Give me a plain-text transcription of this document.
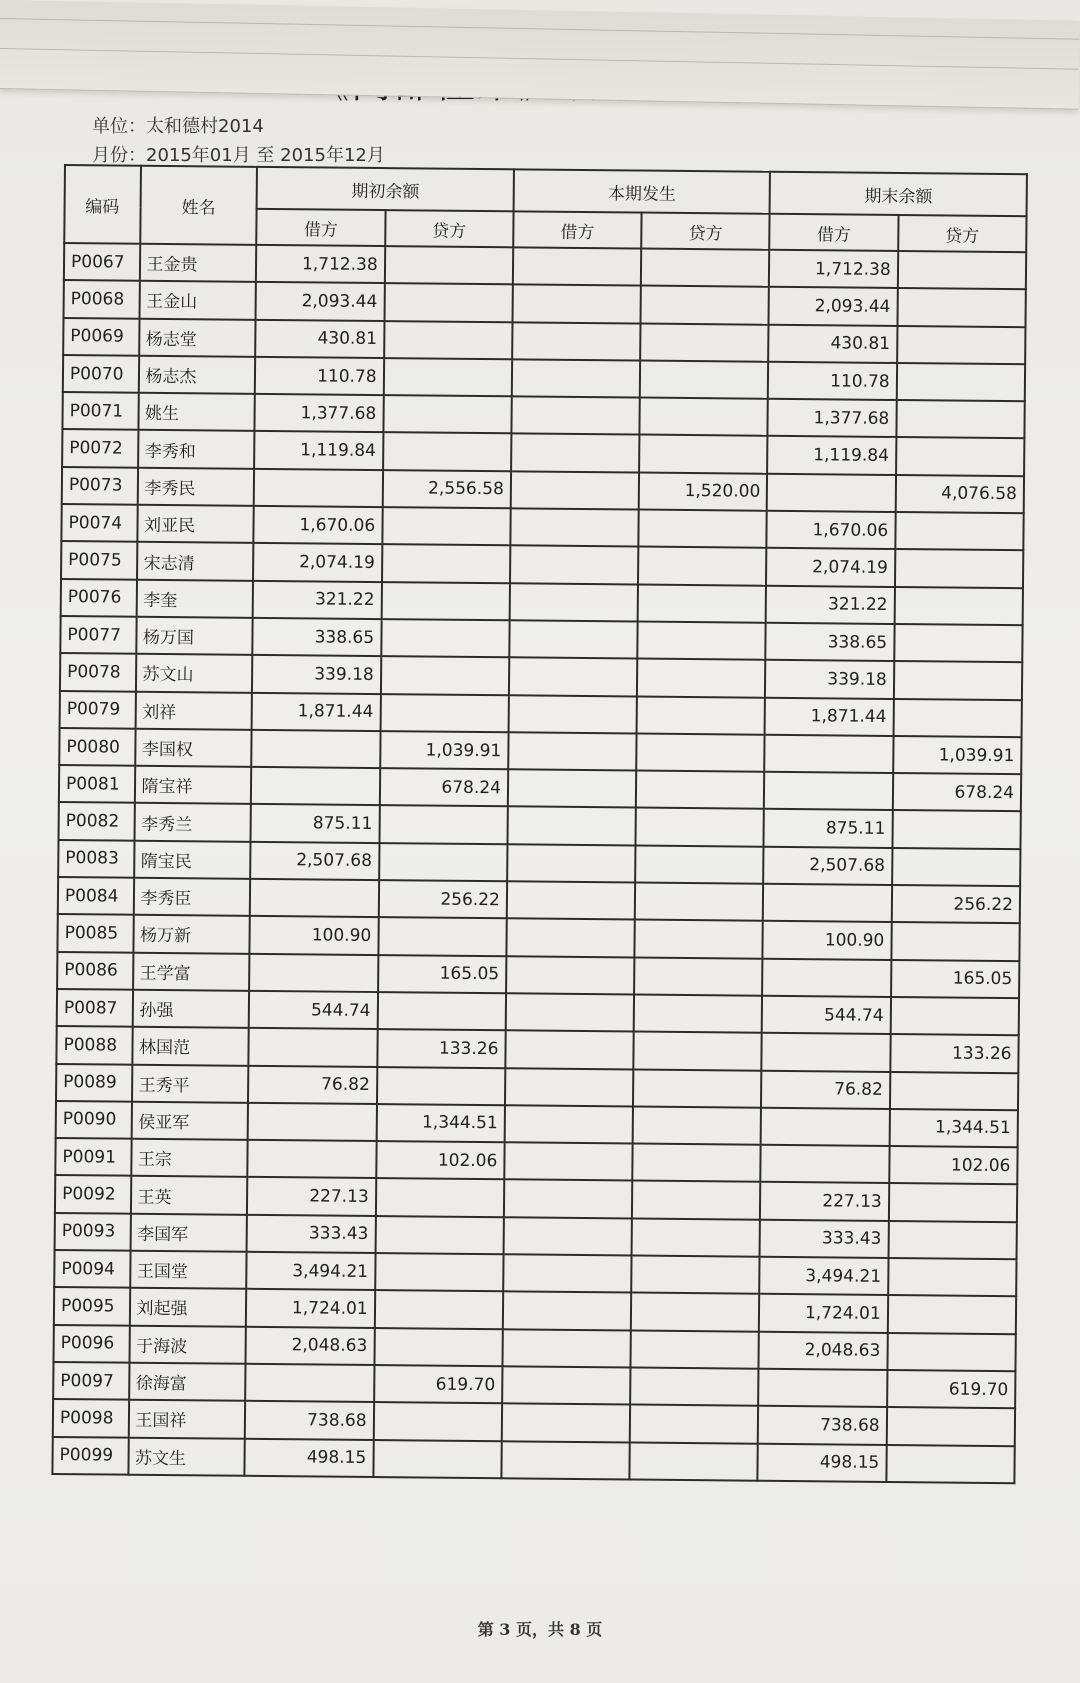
单位：太和德村2014
月份：2015年01月 至 2015年12月
编码	姓名	期初余额		本期发生		期末余额	
		借方	贷方	借方	贷方	借方	贷方
P0067	王金贵	1,712.38				1,712.38	
P0068	王金山	2,093.44				2,093.44	
P0069	杨志堂	430.81				430.81	
P0070	杨志杰	110.78				110.78	
P0071	姚生	1,377.68				1,377.68	
P0072	李秀和	1,119.84				1,119.84	
P0073	李秀民		2,556.58		1,520.00		4,076.58
P0074	刘亚民	1,670.06				1,670.06	
P0075	宋志清	2,074.19				2,074.19	
P0076	李奎	321.22				321.22	
P0077	杨万国	338.65				338.65	
P0078	苏文山	339.18				339.18	
P0079	刘祥	1,871.44				1,871.44	
P0080	李国权		1,039.91				1,039.91
P0081	隋宝祥		678.24				678.24
P0082	李秀兰	875.11				875.11	
P0083	隋宝民	2,507.68				2,507.68	
P0084	李秀臣		256.22				256.22
P0085	杨万新	100.90				100.90	
P0086	王学富		165.05				165.05
P0087	孙强	544.74				544.74	
P0088	林国范		133.26				133.26
P0089	王秀平	76.82				76.82	
P0090	侯亚军		1,344.51				1,344.51
P0091	王宗		102.06				102.06
P0092	王英	227.13				227.13	
P0093	李国军	333.43				333.43	
P0094	王国堂	3,494.21				3,494.21	
P0095	刘起强	1,724.01				1,724.01	
P0096	于海波	2,048.63				2,048.63	
P0097	徐海富		619.70				619.70
P0098	王国祥	738.68				738.68	
P0099	苏文生	498.15				498.15	
第 3 页，共 8 页
